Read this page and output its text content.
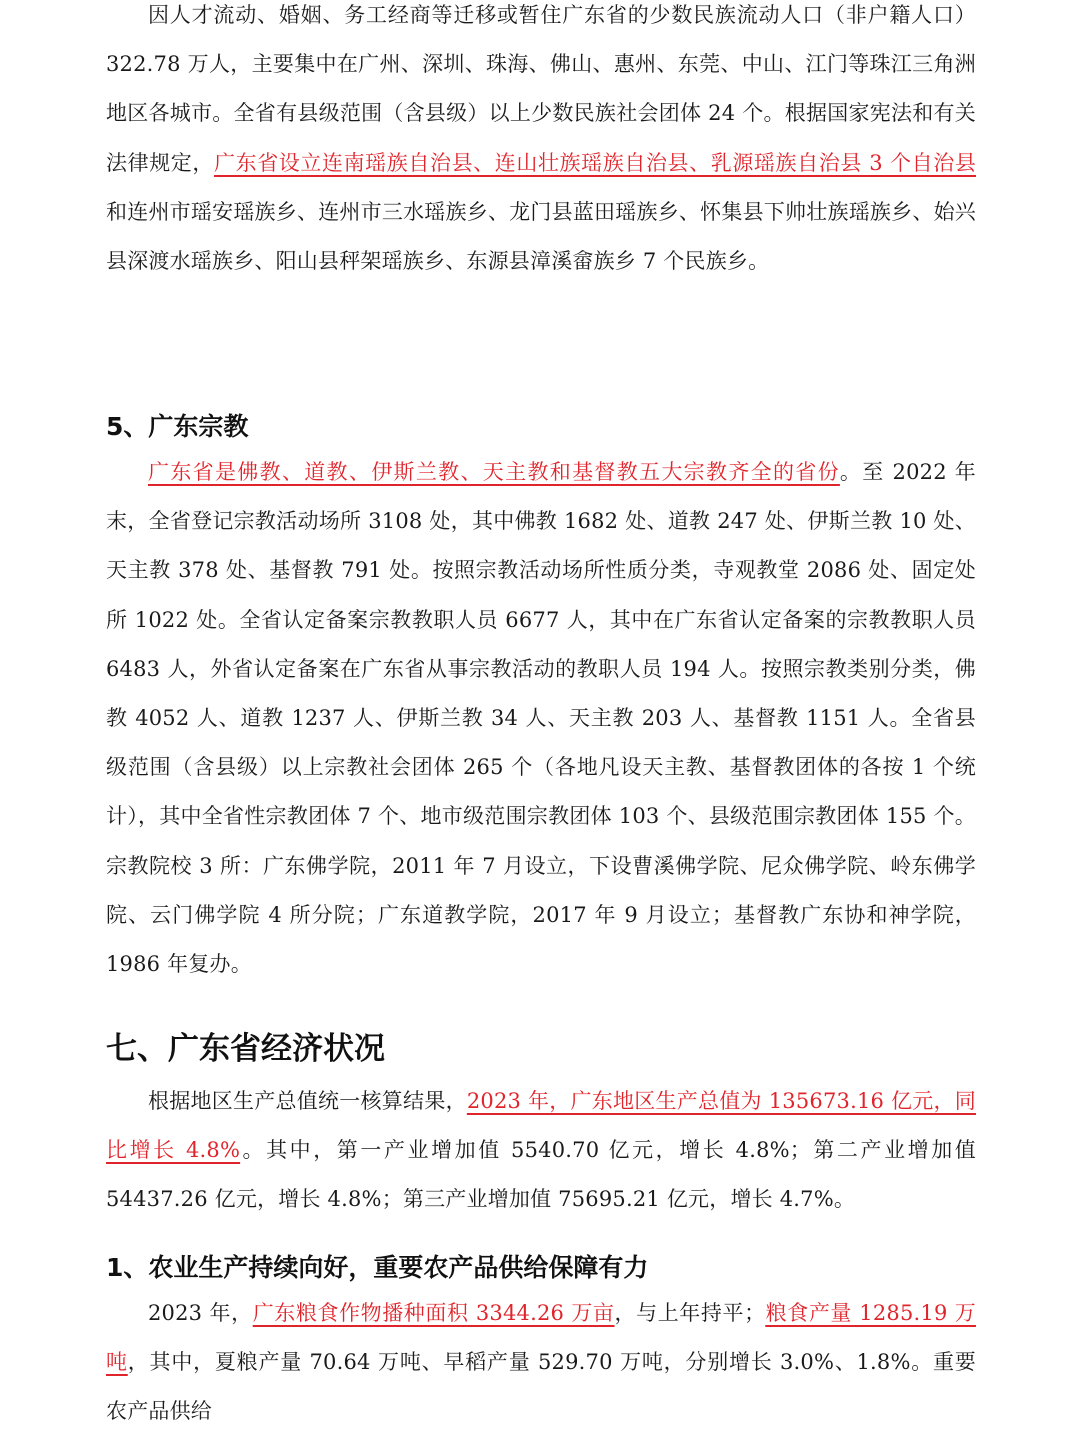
因人才流动、婚姻、务工经商等迁移或暂住广东省的少数民族流动人口（非户籍人口）322.78 万人，主要集中在广州、深圳、珠海、佛山、惠州、东莞、中山、江门等珠江三角洲地区各城市。全省有县级范围（含县级）以上少数民族社会团体 24 个。根据国家宪法和有关法律规定，广东省设立连南瑶族自治县、连山壮族瑶族自治县、乳源瑶族自治县 3 个自治县和连州市瑶安瑶族乡、连州市三水瑶族乡、龙门县蓝田瑶族乡、怀集县下帅壮族瑶族乡、始兴县深渡水瑶族乡、阳山县秤架瑶族乡、东源县漳溪畲族乡 7 个民族乡。

5、广东宗教

广东省是佛教、道教、伊斯兰教、天主教和基督教五大宗教齐全的省份。至 2022 年末，全省登记宗教活动场所 3108 处，其中佛教 1682 处、道教 247 处、伊斯兰教 10 处、天主教 378 处、基督教 791 处。按照宗教活动场所性质分类，寺观教堂 2086 处、固定处所 1022 处。全省认定备案宗教教职人员 6677 人，其中在广东省认定备案的宗教教职人员 6483 人，外省认定备案在广东省从事宗教活动的教职人员 194 人。按照宗教类别分类，佛教 4052 人、道教 1237 人、伊斯兰教 34 人、天主教 203 人、基督教 1151 人。全省县级范围（含县级）以上宗教社会团体 265 个（各地凡设天主教、基督教团体的各按 1 个统计），其中全省性宗教团体 7 个、地市级范围宗教团体 103 个、县级范围宗教团体 155 个。宗教院校 3 所：广东佛学院，2011 年 7 月设立，下设曹溪佛学院、尼众佛学院、岭东佛学院、云门佛学院 4 所分院；广东道教学院，2017 年 9 月设立；基督教广东协和神学院，1986 年复办。

七、广东省经济状况

根据地区生产总值统一核算结果，2023 年，广东地区生产总值为 135673.16 亿元，同比增长 4.8%。其中，第一产业增加值 5540.70 亿元，增长 4.8%；第二产业增加值 54437.26 亿元，增长 4.8%；第三产业增加值 75695.21 亿元，增长 4.7%。

1、农业生产持续向好，重要农产品供给保障有力

2023 年，广东粮食作物播种面积 3344.26 万亩，与上年持平；粮食产量 1285.19 万吨，其中，夏粮产量 70.64 万吨、早稻产量 529.70 万吨，分别增长 3.0%、1.8%。重要农产品供给
